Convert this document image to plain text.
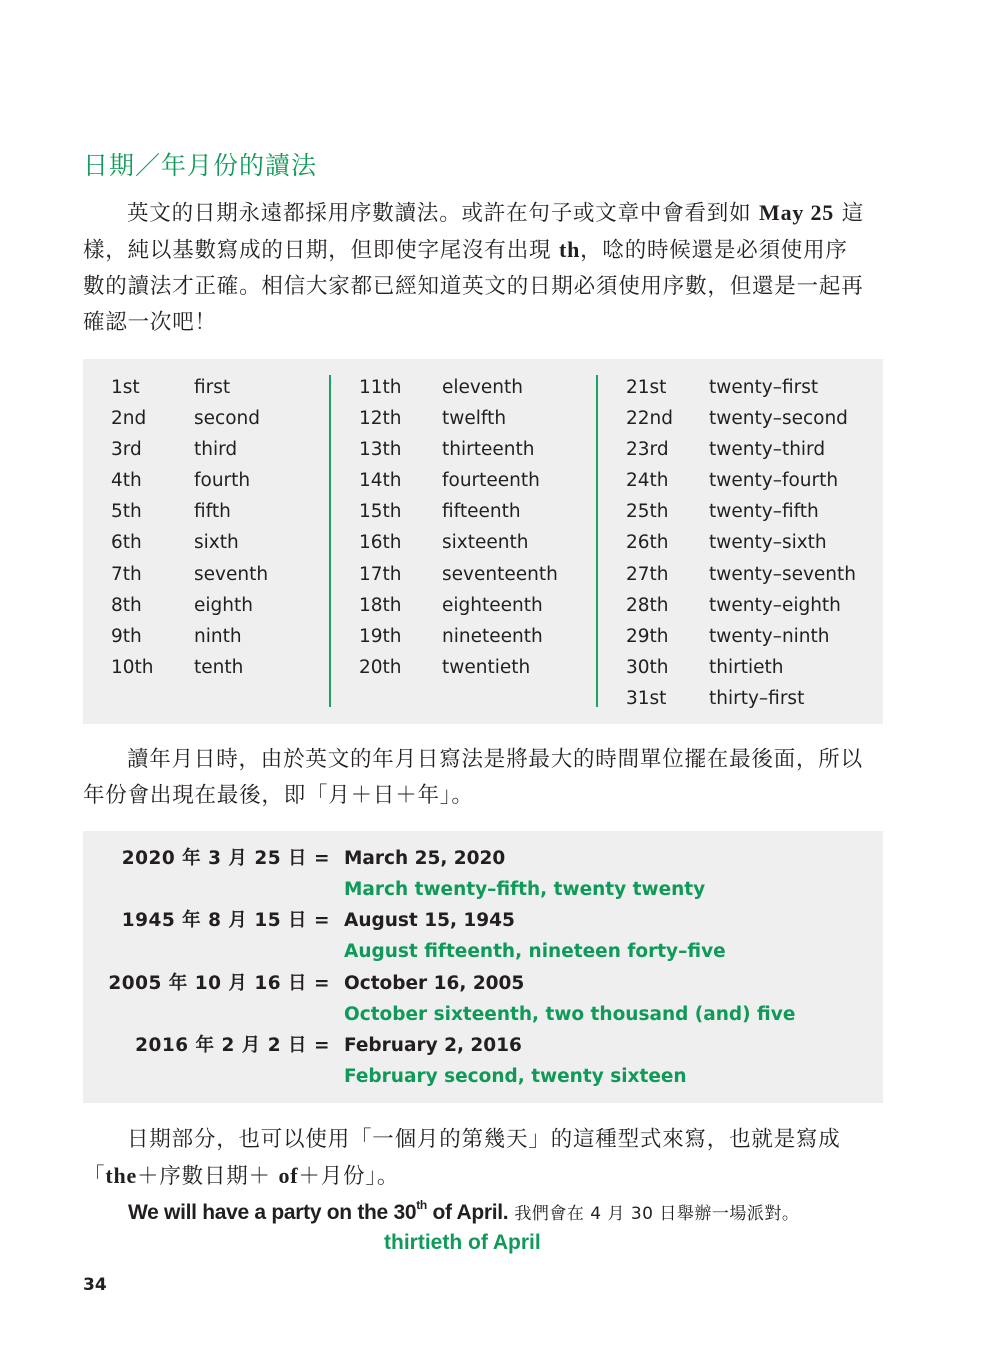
日期／年月份的讀法

英文的日期永遠都採用序數讀法。或許在句子或文章中會看到如 May 25 這
樣，純以基數寫成的日期，但即使字尾沒有出現 th，唸的時候還是必須使用序
數的讀法才正確。相信大家都已經知道英文的日期必須使用序數，但還是一起再
確認一次吧！

1st	first
2nd	second
3rd	third
4th	fourth
5th	fifth
6th	sixth
7th	seventh
8th	eighth
9th	ninth
10th tenth
11th eleventh
12th twelfth
13th thirteenth
14th fourteenth
15th fifteenth
16th sixteenth
17th seventeenth
18th eighteenth
19th nineteenth
20th twentieth
21st twenty–first
22nd twenty–second
23rd twenty–third
24th twenty–fourth
25th twenty–fifth
26th twenty–sixth
27th twenty–seventh
28th twenty–eighth
29th twenty–ninth
30th thirtieth
31st thirty–first

讀年月日時，由於英文的年月日寫法是將最大的時間單位擺在最後面，所以
年份會出現在最後，即「月＋日＋年」。

2020 年 3 月 25 日 = March 25, 2020
March twenty–fifth, twenty twenty
1945 年 8 月 15 日 = August 15, 1945
August fifteenth, nineteen forty–five
2005 年 10 月 16 日 = October 16, 2005
October sixteenth, two thousand (and) five
2016 年 2 月 2 日 = February 2, 2016
February second, twenty sixteen

日期部分，也可以使用「一個月的第幾天」的這種型式來寫，也就是寫成
「the＋序數日期＋ of＋月份」。

We will have a party on the 30th of April. 我們會在 4 月 30 日舉辦一場派對。
thirtieth of April
34
